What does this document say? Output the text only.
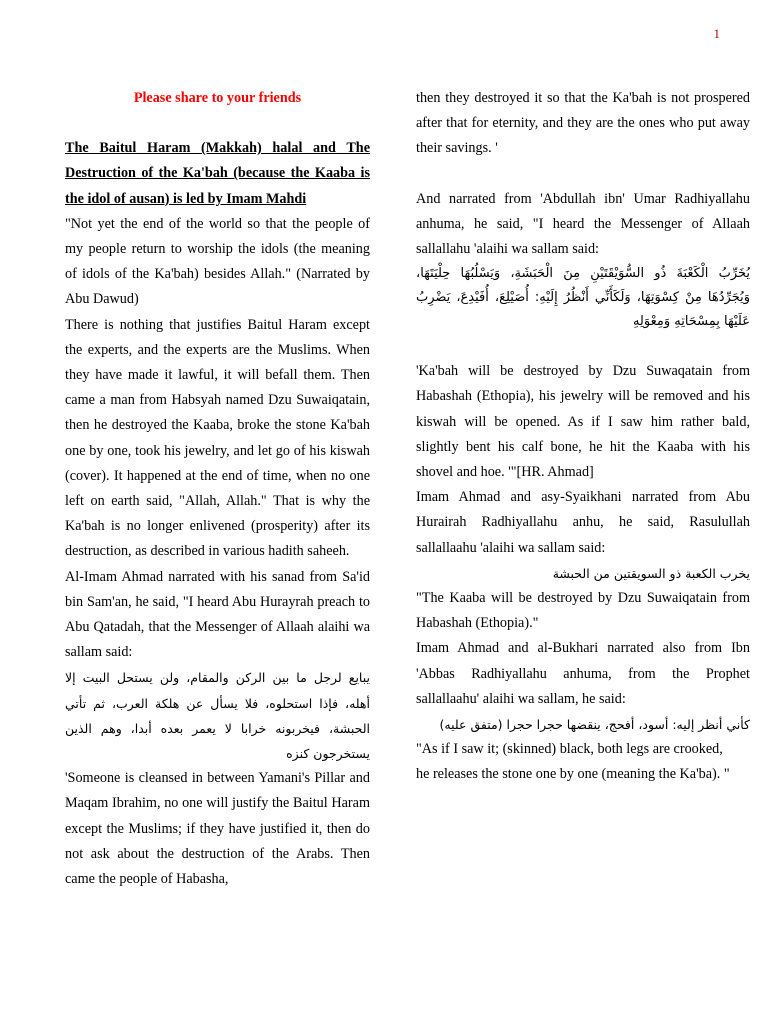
1

Please share to your friends

The Baitul Haram (Makkah) halal and The Destruction of the Ka'bah (because the Kaaba is the idol of ausan) is led by Imam Mahdi

"Not yet the end of the world so that the people of my people return to worship the idols (the meaning of idols of the Ka'bah) besides Allah." (Narrated by Abu Dawud)

There is nothing that justifies Baitul Haram except the experts, and the experts are the Muslims. When they have made it lawful, it will befall them. Then came a man from Habsyah named Dzu Suwaiqatain, then he destroyed the Kaaba, broke the stone Ka'bah one by one, took his jewelry, and let go of his kiswah (cover). It happened at the end of time, when no one left on earth said, "Allah, Allah." That is why the Ka'bah is no longer enlivened (prosperity) after its destruction, as described in various hadith saheeh.

Al-Imam Ahmad narrated with his sanad from Sa'id bin Sam'an, he said, "I heard Abu Hurayrah preach to Abu Qatadah, that the Messenger of Allaah alaihi wa sallam said:

يبايع لرجل ما بين الركن والمقام، ولن يستحل البيت إلا أهله، فإذا استحلوه، فلا يسأل عن هلكة العرب، ثم تأتي الحبشة، فيخربونه خرابا لا يعمر بعده أبدا، وهم الذين يستخرجون كنزه

'Someone is cleansed in between Yamani's Pillar and Maqam Ibrahim, no one will justify the Baitul Haram except the Muslims; if they have justified it, then do not ask about the destruction of the Arabs. Then came the people of Habasha,

then they destroyed it so that the Ka'bah is not prospered after that for eternity, and they are the ones who put away their savings. '

And narrated from 'Abdullah ibn' Umar Radhiyallahu anhuma, he said, "I heard the Messenger of Allaah sallallahu 'alaihi wa sallam said:

يُخَرِّبُ الْكَعْبَةَ ذُو السُّوَيْقَتَيْنِ مِنَ الْحَبَشَةِ، وَيَسْلُبُهَا حِلْيَتَهَا، وَيُجَرِّدُهَا مِنْ كِسْوَتِهَا، وَلَكَأَنِّي أَنْظُرُ إِلَيْهِ: أُصَيْلِعَ، أُفَيْدِعَ، يَضْرِبُ عَلَيْهَا بِمِسْحَاتِهِ وَمِعْوَلِهِ

'Ka'bah will be destroyed by Dzu Suwaqatain from Habashah (Ethopia), his jewelry will be removed and his kiswah will be opened. As if I saw him rather bald, slightly bent his calf bone, he hit the Kaaba with his shovel and hoe. '"[HR. Ahmad]

Imam Ahmad and asy-Syaikhani narrated from Abu Hurairah Radhiyallahu anhu, he said, Rasulullah sallallaahu 'alaihi wa sallam said:

يخرب الكعبة ذو السويقتين من الحبشة

"The Kaaba will be destroyed by Dzu Suwaiqatain from Habashah (Ethopia)."

Imam Ahmad and al-Bukhari narrated also from Ibn 'Abbas Radhiyallahu anhuma, from the Prophet sallallaahu' alaihi wa sallam, he said:

كأني أنظر إليه: أسود، أفحج، ينقضها حجرا حجرا (متفق عليه)

"As if I saw it; (skinned) black, both legs are crooked,

he releases the stone one by one (meaning the Ka'ba). "
